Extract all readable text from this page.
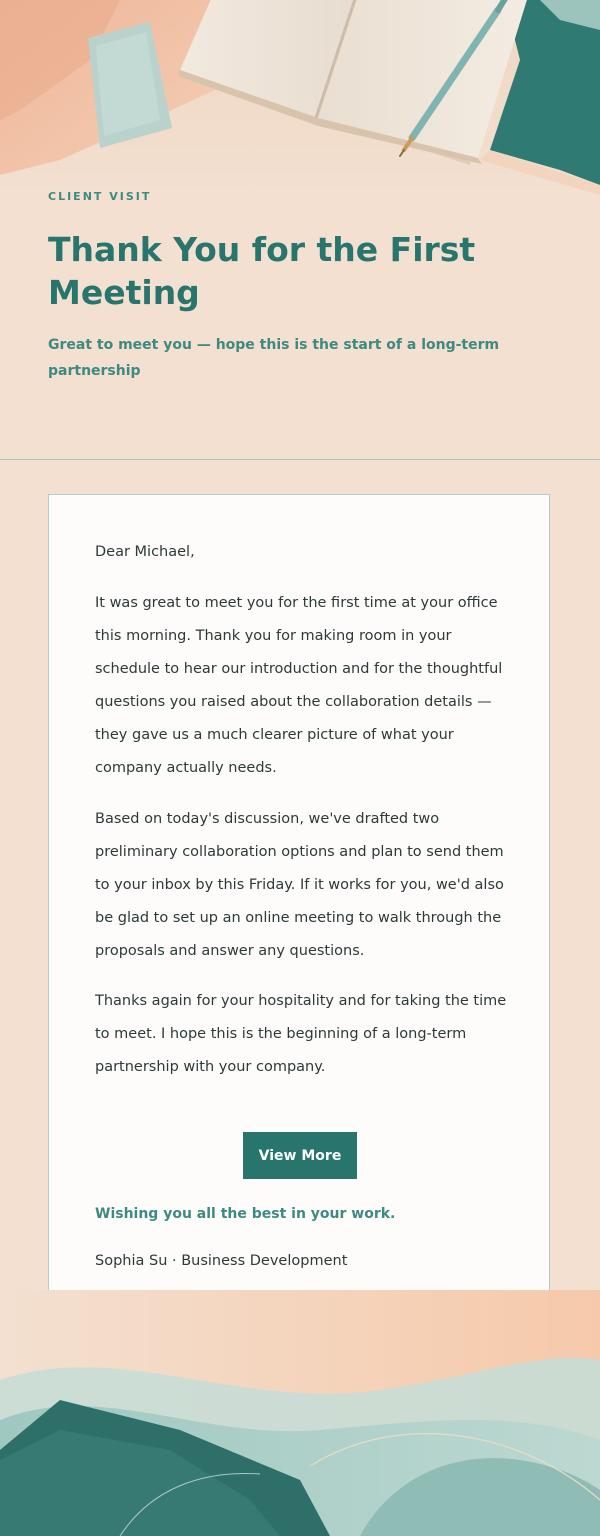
CLIENT VISIT
Thank You for the First Meeting

Great to meet you — hope this is the start of a long-term partnership

Dear Michael,

It was great to meet you for the first time at your office this morning. Thank you for making room in your schedule to hear our introduction and for the thoughtful questions you raised about the collaboration details — they gave us a much clearer picture of what your company actually needs.

Based on today's discussion, we've drafted two preliminary collaboration options and plan to send them to your inbox by this Friday. If it works for you, we'd also be glad to set up an online meeting to walk through the proposals and answer any questions.

Thanks again for your hospitality and for taking the time to meet. I hope this is the beginning of a long-term partnership with your company.

View More

Wishing you all the best in your work.

Sophia Su · Business Development
